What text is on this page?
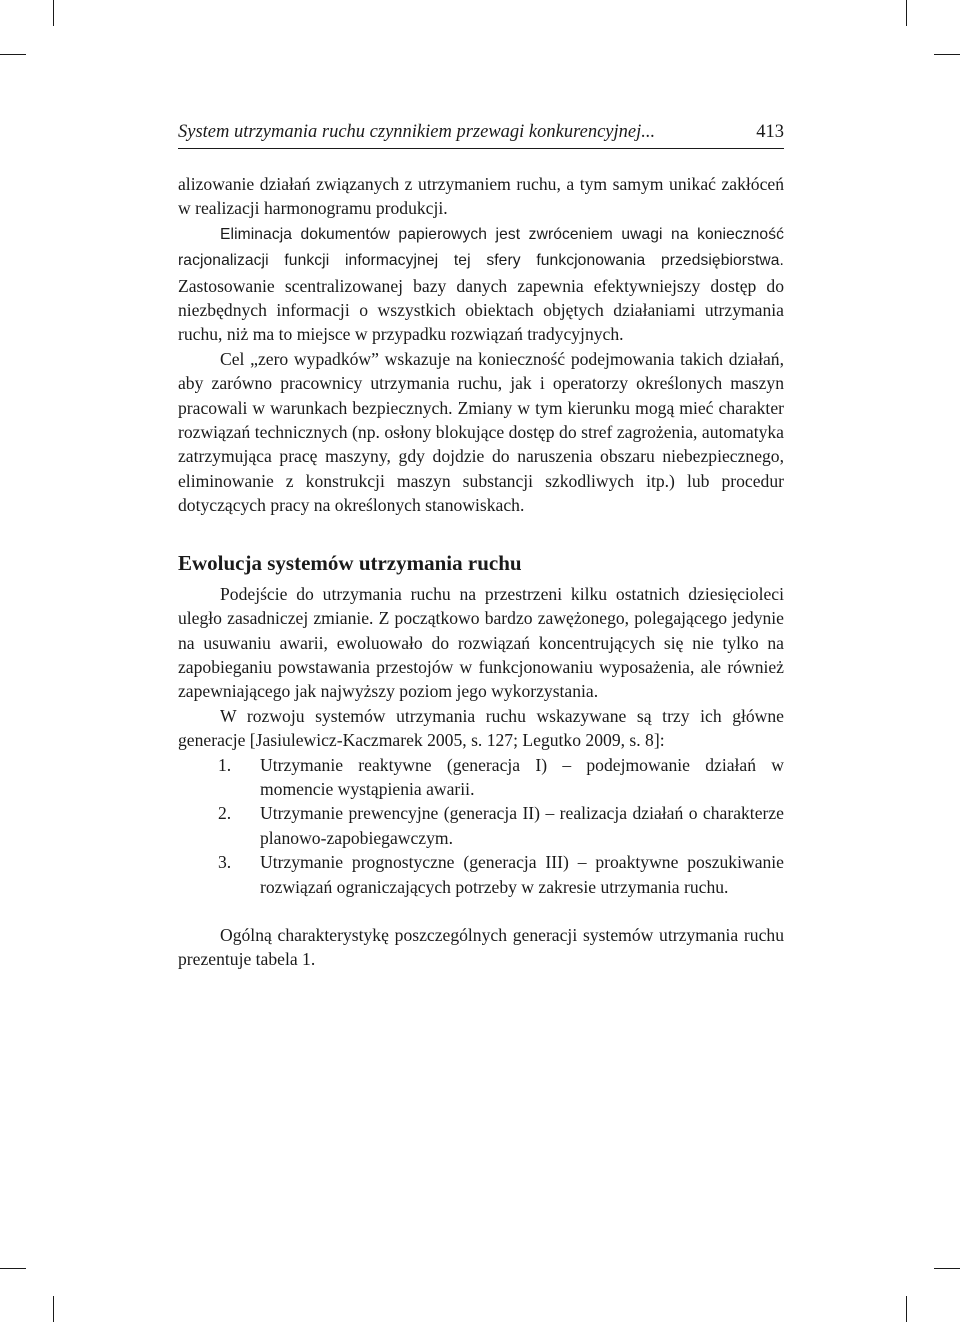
System utrzymania ruchu czynnikiem przewagi konkurencyjnej...	413

alizowanie działań związanych z utrzymaniem ruchu, a tym samym unikać zakłóceń w realizacji harmonogramu produkcji.

Eliminacja dokumentów papierowych jest zwróceniem uwagi na konieczność racjonalizacji funkcji informacyjnej tej sfery funkcjonowania przedsiębiorstwa. Zastosowanie scentralizowanej bazy danych zapewnia efektywniejszy dostęp do niezbędnych informacji o wszystkich obiektach objętych działaniami utrzymania ruchu, niż ma to miejsce w przypadku rozwiązań tradycyjnych.

Cel „zero wypadków” wskazuje na konieczność podejmowania takich działań, aby zarówno pracownicy utrzymania ruchu, jak i operatorzy określonych maszyn pracowali w warunkach bezpiecznych. Zmiany w tym kierunku mogą mieć charakter rozwiązań technicznych (np. osłony blokujące dostęp do stref zagrożenia, automatyka zatrzymująca pracę maszyny, gdy dojdzie do naruszenia obszaru niebezpiecznego, eliminowanie z konstrukcji maszyn substancji szkodliwych itp.) lub procedur dotyczących pracy na określonych stanowiskach.

Ewolucja systemów utrzymania ruchu

Podejście do utrzymania ruchu na przestrzeni kilku ostatnich dziesięcioleci uległo zasadniczej zmianie. Z początkowo bardzo zawężonego, polegającego jedynie na usuwaniu awarii, ewoluowało do rozwiązań koncentrujących się nie tylko na zapobieganiu powstawania przestojów w funkcjonowaniu wyposażenia, ale również zapewniającego jak najwyższy poziom jego wykorzystania.

W rozwoju systemów utrzymania ruchu wskazywane są trzy ich główne generacje [Jasiulewicz-Kaczmarek 2005, s. 127; Legutko 2009, s. 8]:

1. Utrzymanie reaktywne (generacja I) – podejmowanie działań w momencie wystąpienia awarii.
2. Utrzymanie prewencyjne (generacja II) – realizacja działań o charakterze planowo-zapobiegawczym.
3. Utrzymanie prognostyczne (generacja III) – proaktywne poszukiwanie rozwiązań ograniczających potrzeby w zakresie utrzymania ruchu.

Ogólną charakterystykę poszczególnych generacji systemów utrzymania ruchu prezentuje tabela 1.
